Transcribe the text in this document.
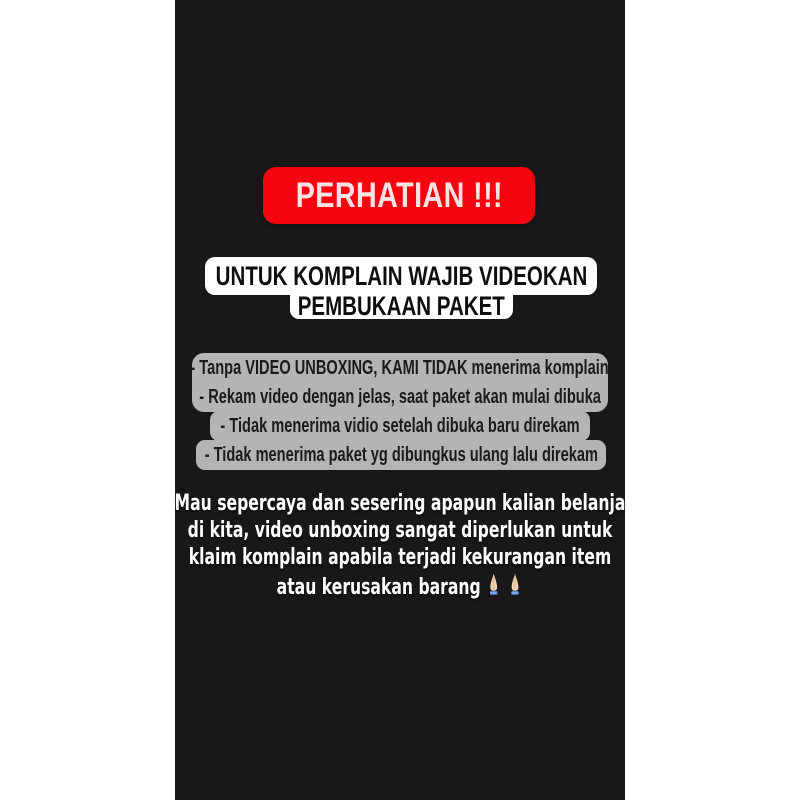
PERHATIAN !!!
UNTUK KOMPLAIN WAJIB VIDEOKAN
PEMBUKAAN PAKET
- Tanpa VIDEO UNBOXING, KAMI TIDAK menerima komplain
- Rekam video dengan jelas, saat paket akan mulai dibuka
- Tidak menerima vidio setelah dibuka baru direkam
- Tidak menerima paket yg dibungkus ulang lalu direkam
Mau sepercaya dan sesering apapun kalian belanja
di kita, video unboxing sangat diperlukan untuk
klaim komplain apabila terjadi kekurangan item
atau kerusakan barang
